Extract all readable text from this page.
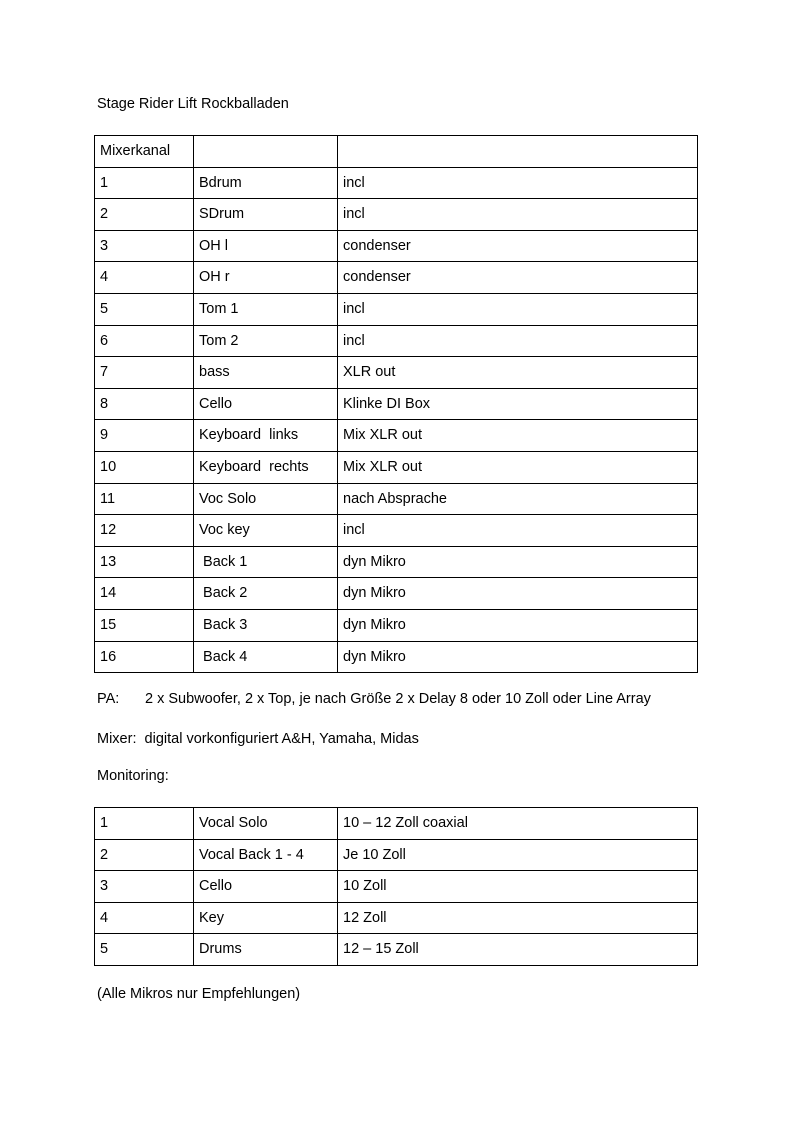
Stage Rider Lift Rockballaden
Mixerkanal		
1	Bdrum	incl
2	SDrum	incl
3	OH l	condenser
4	OH r	condenser
5	Tom 1	incl
6	Tom 2	incl
7	bass	XLR out
8	Cello	Klinke DI Box
9	Keyboard  links	Mix XLR out
10	Keyboard  rechts	Mix XLR out
11	Voc Solo	nach Absprache
12	Voc key	incl
13	Back 1	dyn Mikro
14	Back 2	dyn Mikro
15	Back 3	dyn Mikro
16	Back 4	dyn Mikro
PA: 2 x Subwoofer, 2 x Top, je nach Größe 2 x Delay 8 oder 10 Zoll oder Line Array
Mixer:  digital vorkonfiguriert A&H, Yamaha, Midas
Monitoring:
1	Vocal Solo	10 – 12 Zoll coaxial
2	Vocal Back 1 - 4	Je 10 Zoll
3	Cello	10 Zoll
4	Key	12 Zoll
5	Drums	12 – 15 Zoll
(Alle Mikros nur Empfehlungen)
